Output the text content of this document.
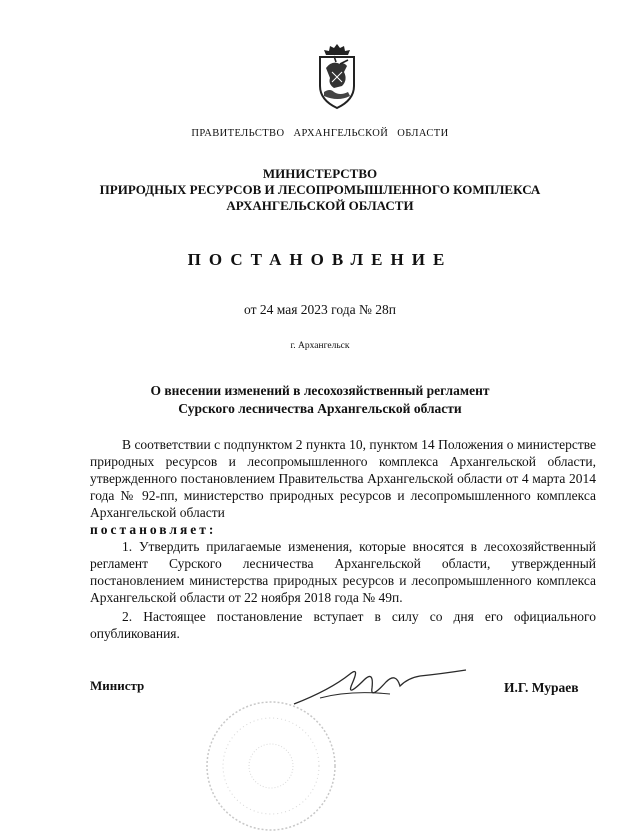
ПРАВИТЕЛЬСТВО АРХАНГЕЛЬСКОЙ ОБЛАСТИ
МИНИСТЕРСТВО
ПРИРОДНЫХ РЕСУРСОВ И ЛЕСОПРОМЫШЛЕННОГО КОМПЛЕКСА
АРХАНГЕЛЬСКОЙ ОБЛАСТИ
ПОСТАНОВЛЕНИЕ
от 24 мая 2023 года № 28п
г. Архангельск
О внесении изменений в лесохозяйственный регламент
Сурского лесничества Архангельской области
В соответствии с подпунктом 2 пункта 10, пунктом 14 Положения о министерстве природных ресурсов и лесопромышленного комплекса Архангельской области, утвержденного постановлением Правительства Архангельской области от 4 марта 2014 года № 92-пп, министерство природных ресурсов и лесопромышленного комплекса Архангельской области
постановляет:
1. Утвердить прилагаемые изменения, которые вносятся в лесохозяйственный регламент Сурского лесничества Архангельской области, утвержденный постановлением министерства природных ресурсов и лесопромышленного комплекса Архангельской области от 22 ноября 2018 года № 49п.
2. Настоящее постановление вступает в силу со дня его официального опубликования.
Министр	И.Г. Мураев
